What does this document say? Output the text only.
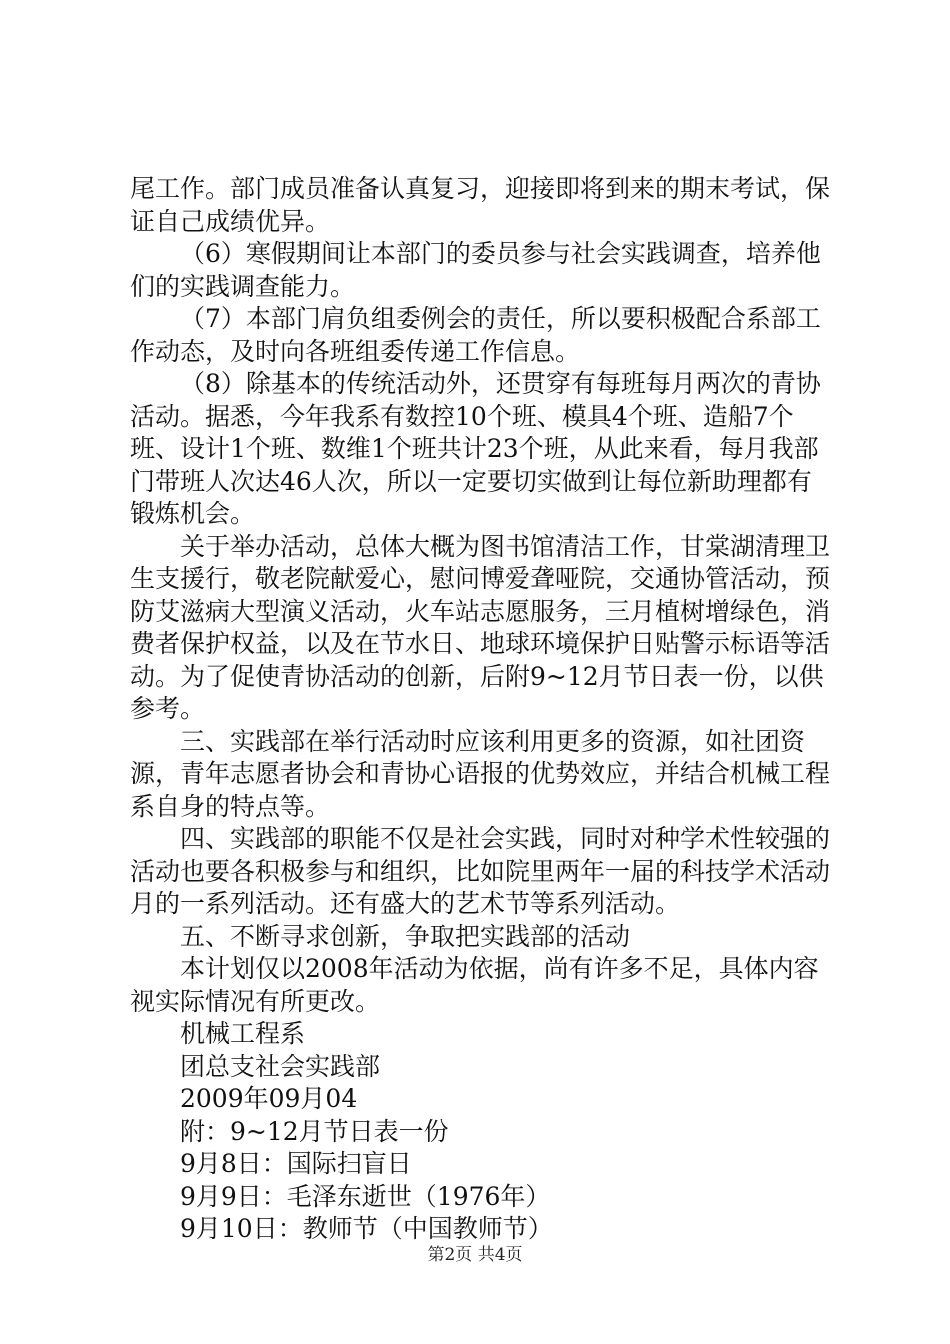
尾工作。部门成员准备认真复习，迎接即将到来的期末考试，保证自己成绩优异。

（6）寒假期间让本部门的委员参与社会实践调查，培养他们的实践调查能力。

（7）本部门肩负组委例会的责任，所以要积极配合系部工作动态，及时向各班组委传递工作信息。

（8）除基本的传统活动外，还贯穿有每班每月两次的青协活动。据悉，今年我系有数控10个班、模具4个班、造船7个班、设计1个班、数维1个班共计23个班，从此来看，每月我部门带班人次达46人次，所以一定要切实做到让每位新助理都有锻炼机会。

关于举办活动，总体大概为图书馆清洁工作，甘棠湖清理卫生支援行，敬老院献爱心，慰问博爱聋哑院，交通协管活动，预防艾滋病大型演义活动，火车站志愿服务，三月植树增绿色，消费者保护权益，以及在节水日、地球环境保护日贴警示标语等活动。为了促使青协活动的创新，后附9~12月节日表一份，以供参考。

三、实践部在举行活动时应该利用更多的资源，如社团资源，青年志愿者协会和青协心语报的优势效应，并结合机械工程系自身的特点等。

四、实践部的职能不仅是社会实践，同时对种学术性较强的活动也要各积极参与和组织，比如院里两年一届的科技学术活动月的一系列活动。还有盛大的艺术节等系列活动。

五、不断寻求创新，争取把实践部的活动

本计划仅以2008年活动为依据，尚有许多不足，具体内容视实际情况有所更改。

机械工程系

团总支社会实践部

2009年09月04

附：9~12月节日表一份

9月8日：国际扫盲日

9月9日：毛泽东逝世（1976年）

9月10日：教师节（中国教师节）

第2页 共4页
